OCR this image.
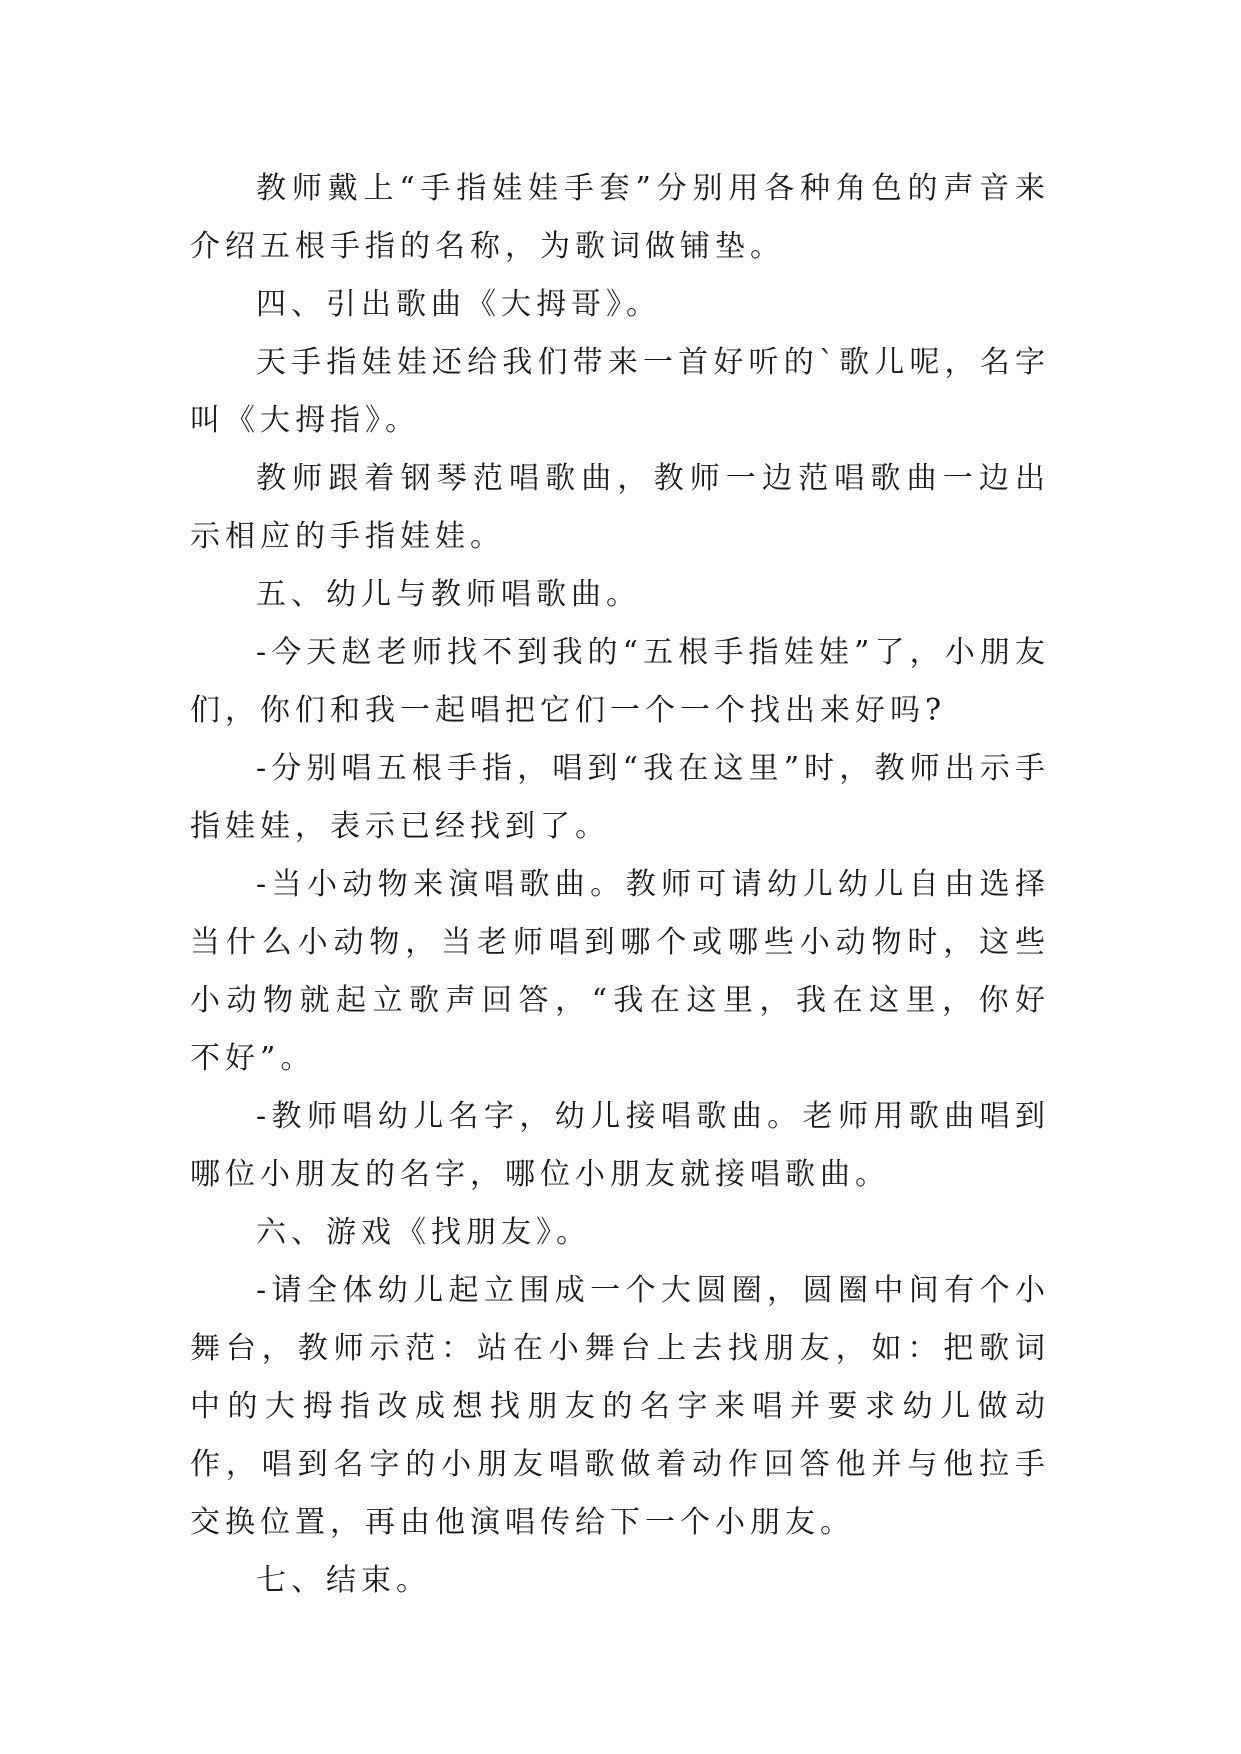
教师戴上“手指娃娃手套”分别用各种角色的声音来介绍五根手指的名称，为歌词做铺垫。

四、引出歌曲《大拇哥》。

天手指娃娃还给我们带来一首好听的`歌儿呢，名字叫《大拇指》。

教师跟着钢琴范唱歌曲，教师一边范唱歌曲一边出示相应的手指娃娃。

五、幼儿与教师唱歌曲。

-今天赵老师找不到我的“五根手指娃娃”了，小朋友们，你们和我一起唱把它们一个一个找出来好吗?

-分别唱五根手指，唱到“我在这里”时，教师出示手指娃娃，表示已经找到了。

-当小动物来演唱歌曲。教师可请幼儿幼儿自由选择当什么小动物，当老师唱到哪个或哪些小动物时，这些小动物就起立歌声回答，“我在这里，我在这里，你好不好”。

-教师唱幼儿名字，幼儿接唱歌曲。老师用歌曲唱到哪位小朋友的名字，哪位小朋友就接唱歌曲。

六、游戏《找朋友》。

-请全体幼儿起立围成一个大圆圈，圆圈中间有个小舞台，教师示范：站在小舞台上去找朋友，如：把歌词中的大拇指改成想找朋友的名字来唱并要求幼儿做动作，唱到名字的小朋友唱歌做着动作回答他并与他拉手交换位置，再由他演唱传给下一个小朋友。

七、结束。
